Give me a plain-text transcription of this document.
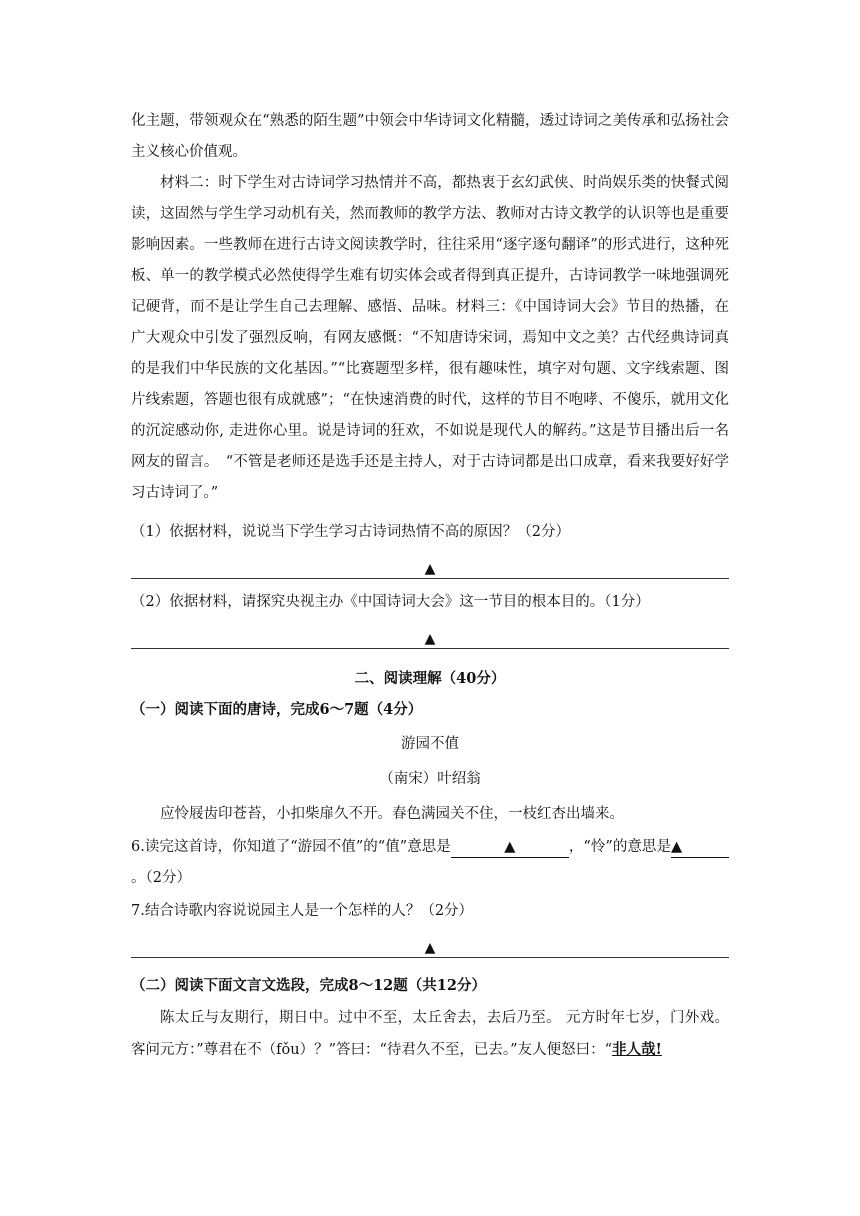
化主题，带领观众在“熟悉的陌生题”中领会中华诗词文化精髓，透过诗词之美传承和弘扬社会主义核心价值观。

材料二：时下学生对古诗词学习热情并不高，都热衷于玄幻武侠、时尚娱乐类的快餐式阅读，这固然与学生学习动机有关，然而教师的教学方法、教师对古诗文教学的认识等也是重要影响因素。一些教师在进行古诗文阅读教学时，往往采用“逐字逐句翻译”的形式进行，这种死板、单一的教学模式必然使得学生难有切实体会或者得到真正提升，古诗词教学一味地强调死记硬背，而不是让学生自己去理解、感悟、品味。材料三：《中国诗词大会》节目的热播，在广大观众中引发了强烈反响，有网友感慨：“不知唐诗宋词，焉知中文之美？古代经典诗词真的是我们中华民族的文化基因。”“比赛题型多样，很有趣味性，填字对句题、文字线索题、图片线索题，答题也很有成就感”；“在快速消费的时代，这样的节目不咆哮、不傻乐，就用文化的沉淀感动你, 走进你心里。说是诗词的狂欢，不如说是现代人的解药。”这是节目播出后一名网友的留言。　“不管是老师还是选手还是主持人，对于古诗词都是出口成章，看来我要好好学习古诗词了。”

（1）依据材料，说说当下学生学习古诗词热情不高的原因？（2分）

▲

（2）依据材料，请探究央视主办《中国诗词大会》这一节目的根本目的。（1分）

▲

二、阅读理解（40分）

（一）阅读下面的唐诗，完成6～7题（4分）

游园不值

（南宋）叶绍翁

应怜屐齿印苍苔，小扣柴扉久不开。春色满园关不住，一枝红杏出墙来。

6.读完这首诗，你知道了“游园不值”的“值”意思是	▲	，“怜”的意思是▲。（2分）

7.结合诗歌内容说说园主人是一个怎样的人？（2分）

▲

（二）阅读下面文言文选段，完成8～12题（共12分）

陈太丘与友期行，期日中。过中不至，太丘舍去，去后乃至。 元方时年七岁，门外戏。客问元方：”尊君在不（fǒu）？”答曰：“待君久不至，已去。”友人便怒曰：“非人哉!
